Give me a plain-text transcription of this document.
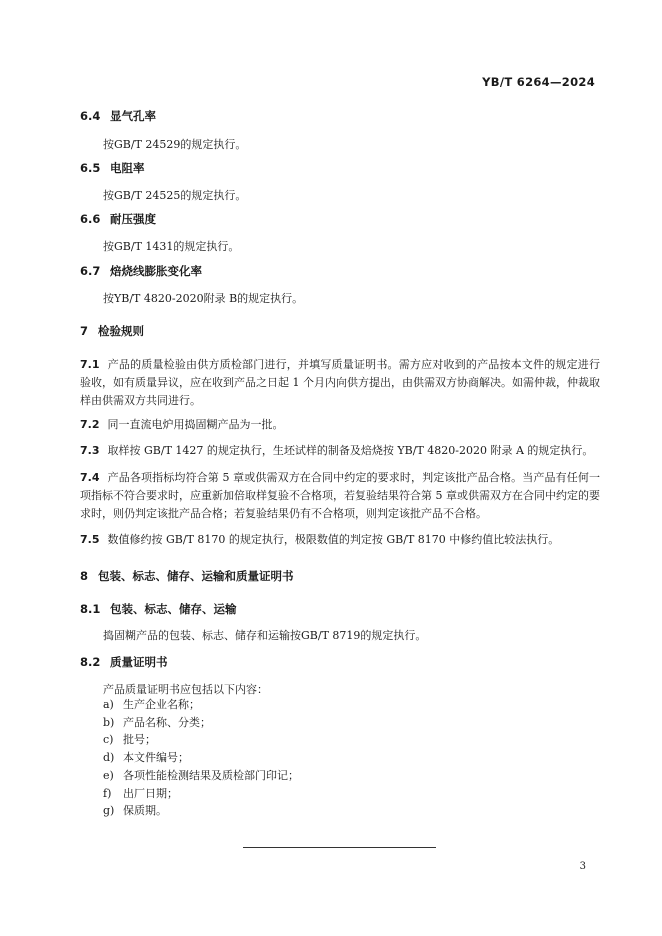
YB/T 6264—2024
6.4 显气孔率
按GB/T 24529的规定执行。
6.5 电阻率
按GB/T 24525的规定执行。
6.6 耐压强度
按GB/T 1431的规定执行。
6.7 焙烧线膨胀变化率
按YB/T 4820-2020附录 B的规定执行。
7 检验规则
7.1 产品的质量检验由供方质检部门进行，并填写质量证明书。需方应对收到的产品按本文件的规定进行验收，如有质量异议，应在收到产品之日起 1 个月内向供方提出，由供需双方协商解决。如需仲裁，仲裁取样由供需双方共同进行。
7.2 同一直流电炉用捣固糊产品为一批。
7.3 取样按 GB/T 1427 的规定执行，生坯试样的制备及焙烧按 YB/T 4820-2020 附录 A 的规定执行。
7.4 产品各项指标均符合第 5 章或供需双方在合同中约定的要求时，判定该批产品合格。当产品有任何一项指标不符合要求时，应重新加倍取样复验不合格项，若复验结果符合第 5 章或供需双方在合同中约定的要求时，则仍判定该批产品合格；若复验结果仍有不合格项，则判定该批产品不合格。
7.5 数值修约按 GB/T 8170 的规定执行，极限数值的判定按 GB/T 8170 中修约值比较法执行。
8 包装、标志、储存、运输和质量证明书
8.1 包装、标志、储存、运输
捣固糊产品的包装、标志、储存和运输按GB/T 8719的规定执行。
8.2 质量证明书
产品质量证明书应包括以下内容：
a) 生产企业名称；
b) 产品名称、分类；
c) 批号；
d) 本文件编号；
e) 各项性能检测结果及质检部门印记；
f) 出厂日期；
g) 保质期。
3
